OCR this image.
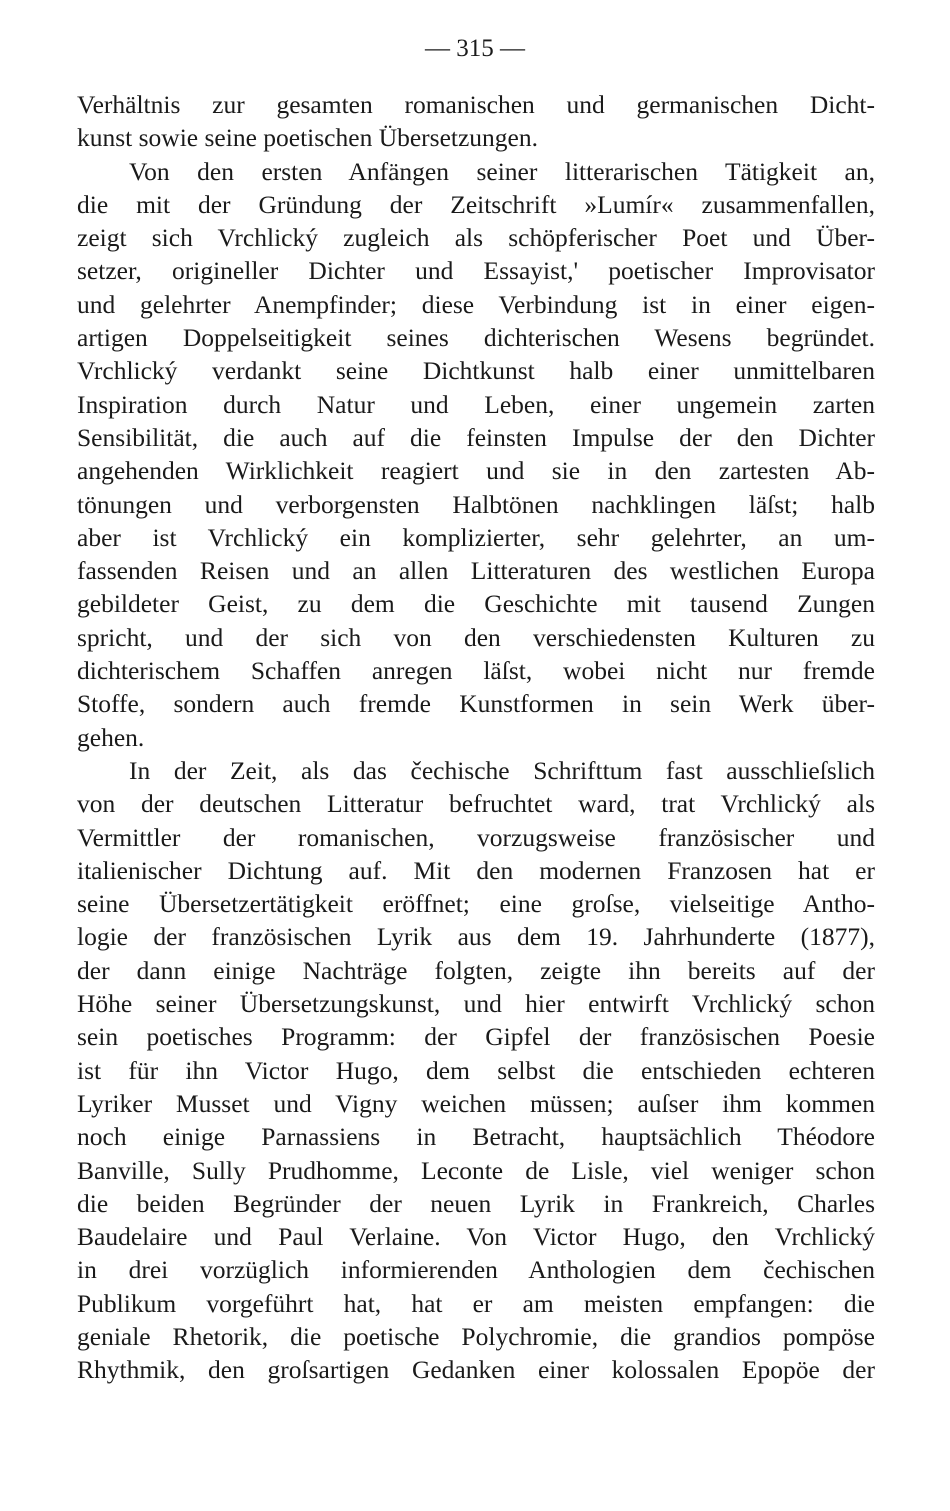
— 315 —
Verhältnis zur gesamten romanischen und germanischen Dicht-
kunst sowie seine poetischen Übersetzungen.
Von den ersten Anfängen seiner litterarischen Tätigkeit an,
die mit der Gründung der Zeitschrift »Lumír« zusammenfallen,
zeigt sich Vrchlický zugleich als schöpferischer Poet und Über-
setzer, origineller Dichter und Essayist,' poetischer Improvisator
und gelehrter Anempfinder; diese Verbindung ist in einer eigen-
artigen Doppelseitigkeit seines dichterischen Wesens begründet.
Vrchlický verdankt seine Dichtkunst halb einer unmittelbaren
Inspiration durch Natur und Leben, einer ungemein zarten
Sensibilität, die auch auf die feinsten Impulse der den Dichter
angehenden Wirklichkeit reagiert und sie in den zartesten Ab-
tönungen und verborgensten Halbtönen nachklingen läſst; halb
aber ist Vrchlický ein komplizierter, sehr gelehrter, an um-
fassenden Reisen und an allen Litteraturen des westlichen Europa
gebildeter Geist, zu dem die Geschichte mit tausend Zungen
spricht, und der sich von den verschiedensten Kulturen zu
dichterischem Schaffen anregen läſst, wobei nicht nur fremde
Stoffe, sondern auch fremde Kunstformen in sein Werk über-
gehen.
In der Zeit, als das čechische Schrifttum fast ausschlieſslich
von der deutschen Litteratur befruchtet ward, trat Vrchlický als
Vermittler der romanischen, vorzugsweise französischer und
italienischer Dichtung auf. Mit den modernen Franzosen hat er
seine Übersetzertätigkeit eröffnet; eine groſse, vielseitige Antho-
logie der französischen Lyrik aus dem 19. Jahrhunderte (1877),
der dann einige Nachträge folgten, zeigte ihn bereits auf der
Höhe seiner Übersetzungskunst, und hier entwirft Vrchlický schon
sein poetisches Programm: der Gipfel der französischen Poesie
ist für ihn Victor Hugo, dem selbst die entschieden echteren
Lyriker Musset und Vigny weichen müssen; auſser ihm kommen
noch einige Parnassiens in Betracht, hauptsächlich Théodore
Banville, Sully Prudhomme, Leconte de Lisle, viel weniger schon
die beiden Begründer der neuen Lyrik in Frankreich, Charles
Baudelaire und Paul Verlaine. Von Victor Hugo, den Vrchlický
in drei vorzüglich informierenden Anthologien dem čechischen
Publikum vorgeführt hat, hat er am meisten empfangen: die
geniale Rhetorik, die poetische Polychromie, die grandios pompöse
Rhythmik, den groſsartigen Gedanken einer kolossalen Epopöe der
